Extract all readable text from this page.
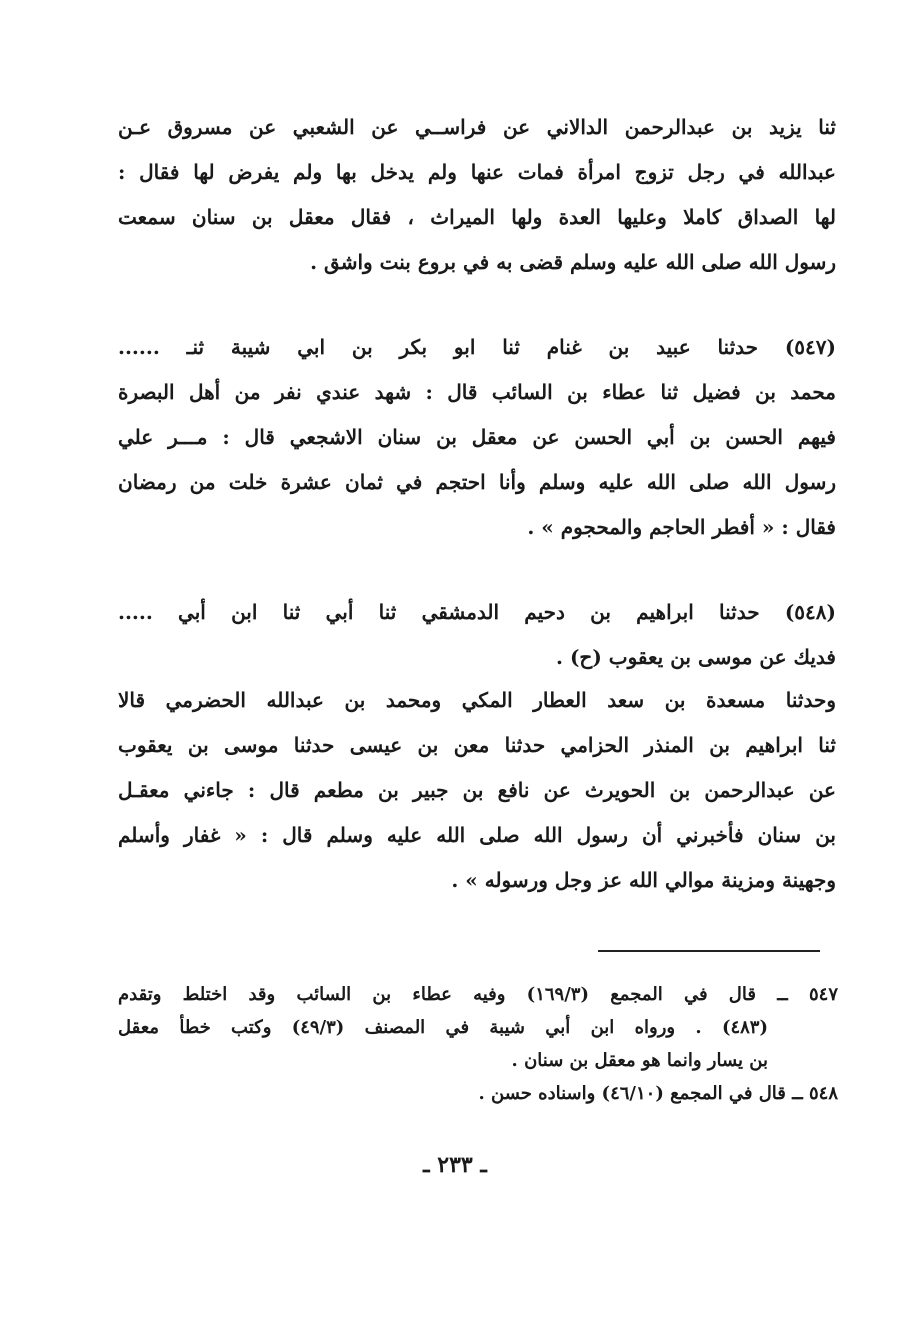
ثنا يزيد بن عبدالرحمن الدالاني عن فراســي عن الشعبي عن مسروق عـن
عبدالله في رجل تزوج امرأة فمات عنها ولم يدخل بها ولم يفرض لها فقال :
لها الصداق كاملا وعليها العدة ولها الميراث ، فقال معقل بن سنان سمعت
رسول الله صلى الله عليه وسلم قضى به في بروع بنت واشق .
(٥٤٧) حدثنا عبيد بن غنام ثنا ابو بكر بن ابي شيبة ثنـ ......
محمد بن فضيل ثنا عطاء بن السائب قال : شهد عندي نفر من أهل البصرة
فيهم الحسن بن أبي الحسن عن معقل بن سنان الاشجعي قال : مـــر علي
رسول الله صلى الله عليه وسلم وأنا احتجم في ثمان عشرة خلت من رمضان
فقال : « أفطر الحاجم والمحجوم » .
(٥٤٨) حدثنا ابراهيم بن دحيم الدمشقي ثنا أبي ثنا ابن أبي .....
فديك عن موسى بن يعقوب (ح) .
وحدثنا مسعدة بن سعد العطار المكي ومحمد بن عبدالله الحضرمي قالا
ثنا ابراهيم بن المنذر الحزامي حدثنا معن بن عيسى حدثنا موسى بن يعقوب
عن عبدالرحمن بن الحويرث عن نافع بن جبير بن مطعم قال : جاءني معقـل
بن سنان فأخبرني أن رسول الله صلى الله عليه وسلم قال : « غفار وأسلم
وجهينة ومزينة موالي الله عز وجل ورسوله » .
٥٤٧ ــ قال في المجمع (١٦٩/٣) وفيه عطاء بن السائب وقد اختلط وتقدم
(٤٨٣) . ورواه ابن أبي شيبة في المصنف (٤٩/٣) وكتب خطأ معقل
بن يسار وانما هو معقل بن سنان .
٥٤٨ ــ قال في المجمع (٤٦/١٠) واسناده حسن .
ـ ٢٣٣ ـ
